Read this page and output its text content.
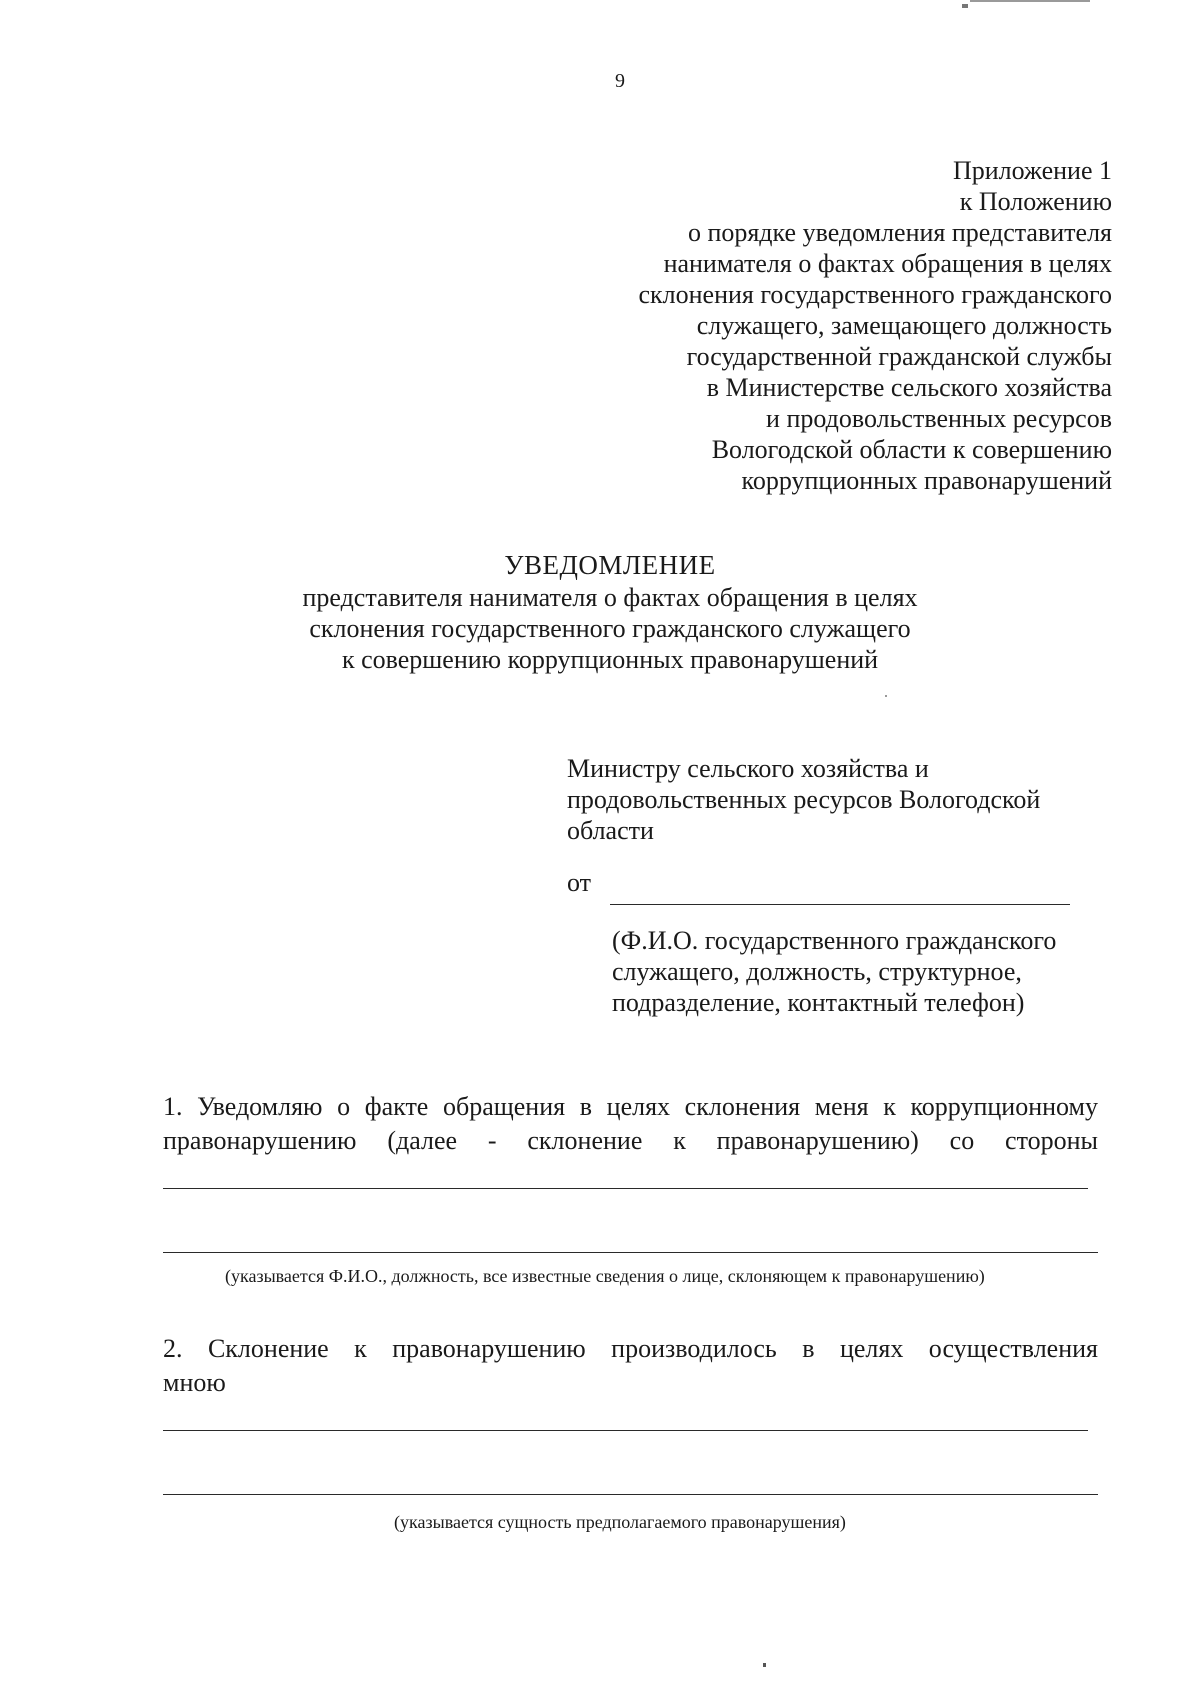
9
Приложение 1
к Положению
о порядке уведомления представителя
нанимателя о фактах обращения в целях
склонения государственного гражданского
служащего, замещающего должность
государственной гражданской службы
в Министерстве сельского хозяйства
и продовольственных ресурсов
Вологодской области к совершению
коррупционных правонарушений
УВЕДОМЛЕНИЕ
представителя нанимателя о фактах обращения в целях
склонения государственного гражданского служащего
к совершению коррупционных правонарушений
Министру сельского хозяйства и
продовольственных ресурсов Вологодской
области
от
(Ф.И.О. государственного гражданского
служащего, должность, структурное,
подразделение, контактный телефон)
1. Уведомляю о факте обращения в целях склонения меня к коррупционному
правонарушению (далее - склонение к правонарушению) со стороны
(указывается Ф.И.О., должность, все известные сведения о лице, склоняющем к правонарушению)
2. Склонение к правонарушению производилось в целях осуществления
мною
(указывается сущность предполагаемого правонарушения)
